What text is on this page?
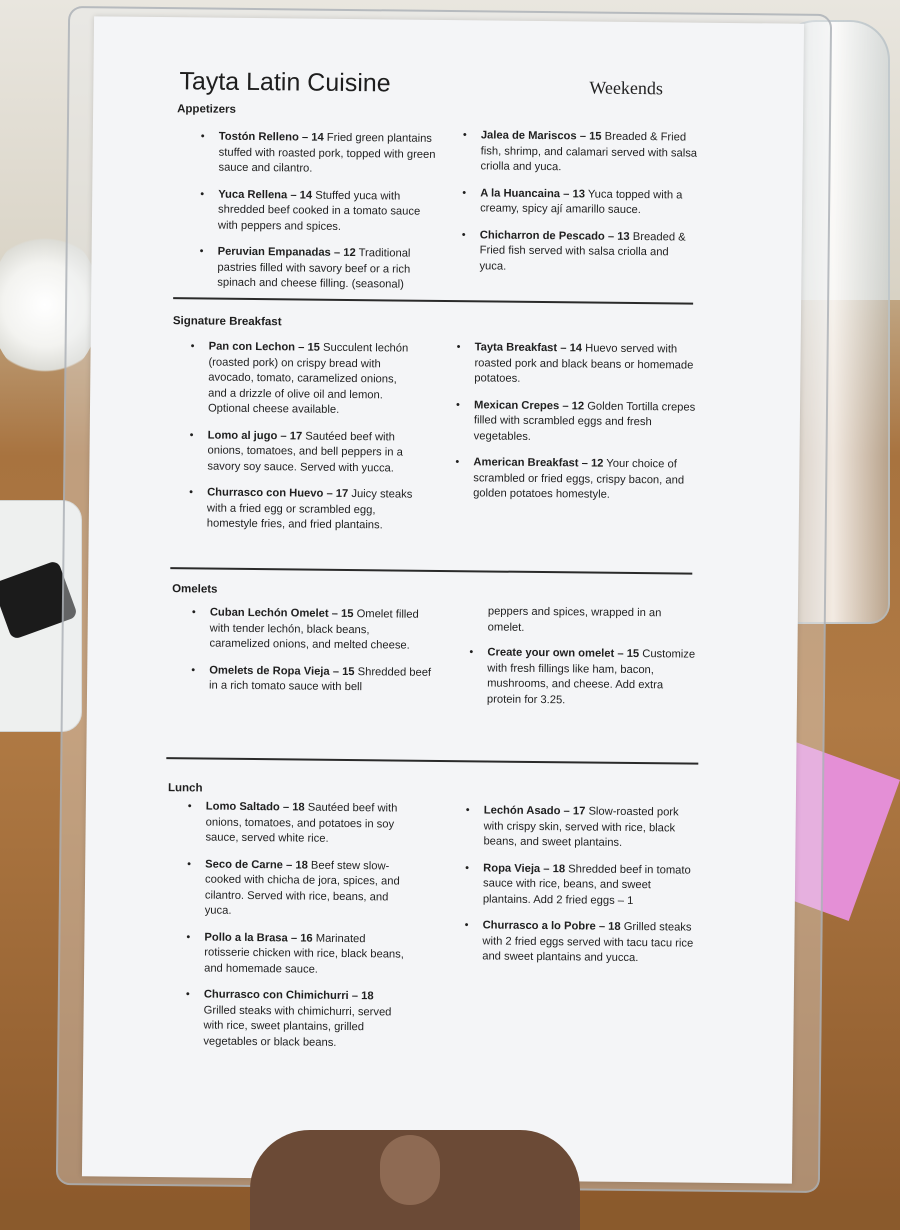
Tayta Latin Cuisine	Weekends
Appetizers
• Tostón Relleno – 14 Fried green plantains stuffed with roasted pork, topped with green sauce and cilantro.
• Yuca Rellena – 14 Stuffed yuca with shredded beef cooked in a tomato sauce with peppers and spices.
• Peruvian Empanadas – 12 Traditional pastries filled with savory beef or a rich spinach and cheese filling. (seasonal)
• Jalea de Mariscos – 15 Breaded & Fried fish, shrimp, and calamari served with salsa criolla and yuca.
• A la Huancaina – 13 Yuca topped with a creamy, spicy ají amarillo sauce.
• Chicharron de Pescado – 13 Breaded & Fried fish served with salsa criolla and yuca.
Signature Breakfast
• Pan con Lechon – 15 Succulent lechón (roasted pork) on crispy bread with avocado, tomato, caramelized onions, and a drizzle of olive oil and lemon. Optional cheese available.
• Lomo al jugo – 17 Sautéed beef with onions, tomatoes, and bell peppers in a savory soy sauce. Served with yucca.
• Churrasco con Huevo – 17 Juicy steaks with a fried egg or scrambled egg, homestyle fries, and fried plantains.
• Tayta Breakfast – 14 Huevo served with roasted pork and black beans or homemade potatoes.
• Mexican Crepes – 12 Golden Tortilla crepes filled with scrambled eggs and fresh vegetables.
• American Breakfast – 12 Your choice of scrambled or fried eggs, crispy bacon, and golden potatoes homestyle.
Omelets
• Cuban Lechón Omelet – 15 Omelet filled with tender lechón, black beans, caramelized onions, and melted cheese.
• Omelets de Ropa Vieja – 15 Shredded beef in a rich tomato sauce with bell
peppers and spices, wrapped in an omelet.
• Create your own omelet – 15 Customize with fresh fillings like ham, bacon, mushrooms, and cheese. Add extra protein for 3.25.
Lunch
• Lomo Saltado – 18 Sautéed beef with onions, tomatoes, and potatoes in soy sauce, served white rice.
• Seco de Carne – 18 Beef stew slow-cooked with chicha de jora, spices, and cilantro. Served with rice, beans, and yuca.
• Pollo a la Brasa – 16 Marinated rotisserie chicken with rice, black beans, and homemade sauce.
• Churrasco con Chimichurri – 18 Grilled steaks with chimichurri, served with rice, sweet plantains, grilled vegetables or black beans.
• Lechón Asado – 17 Slow-roasted pork with crispy skin, served with rice, black beans, and sweet plantains.
• Ropa Vieja – 18 Shredded beef in tomato sauce with rice, beans, and sweet plantains. Add 2 fried eggs – 1
• Churrasco a lo Pobre – 18 Grilled steaks with 2 fried eggs served with tacu tacu rice and sweet plantains and yucca.
